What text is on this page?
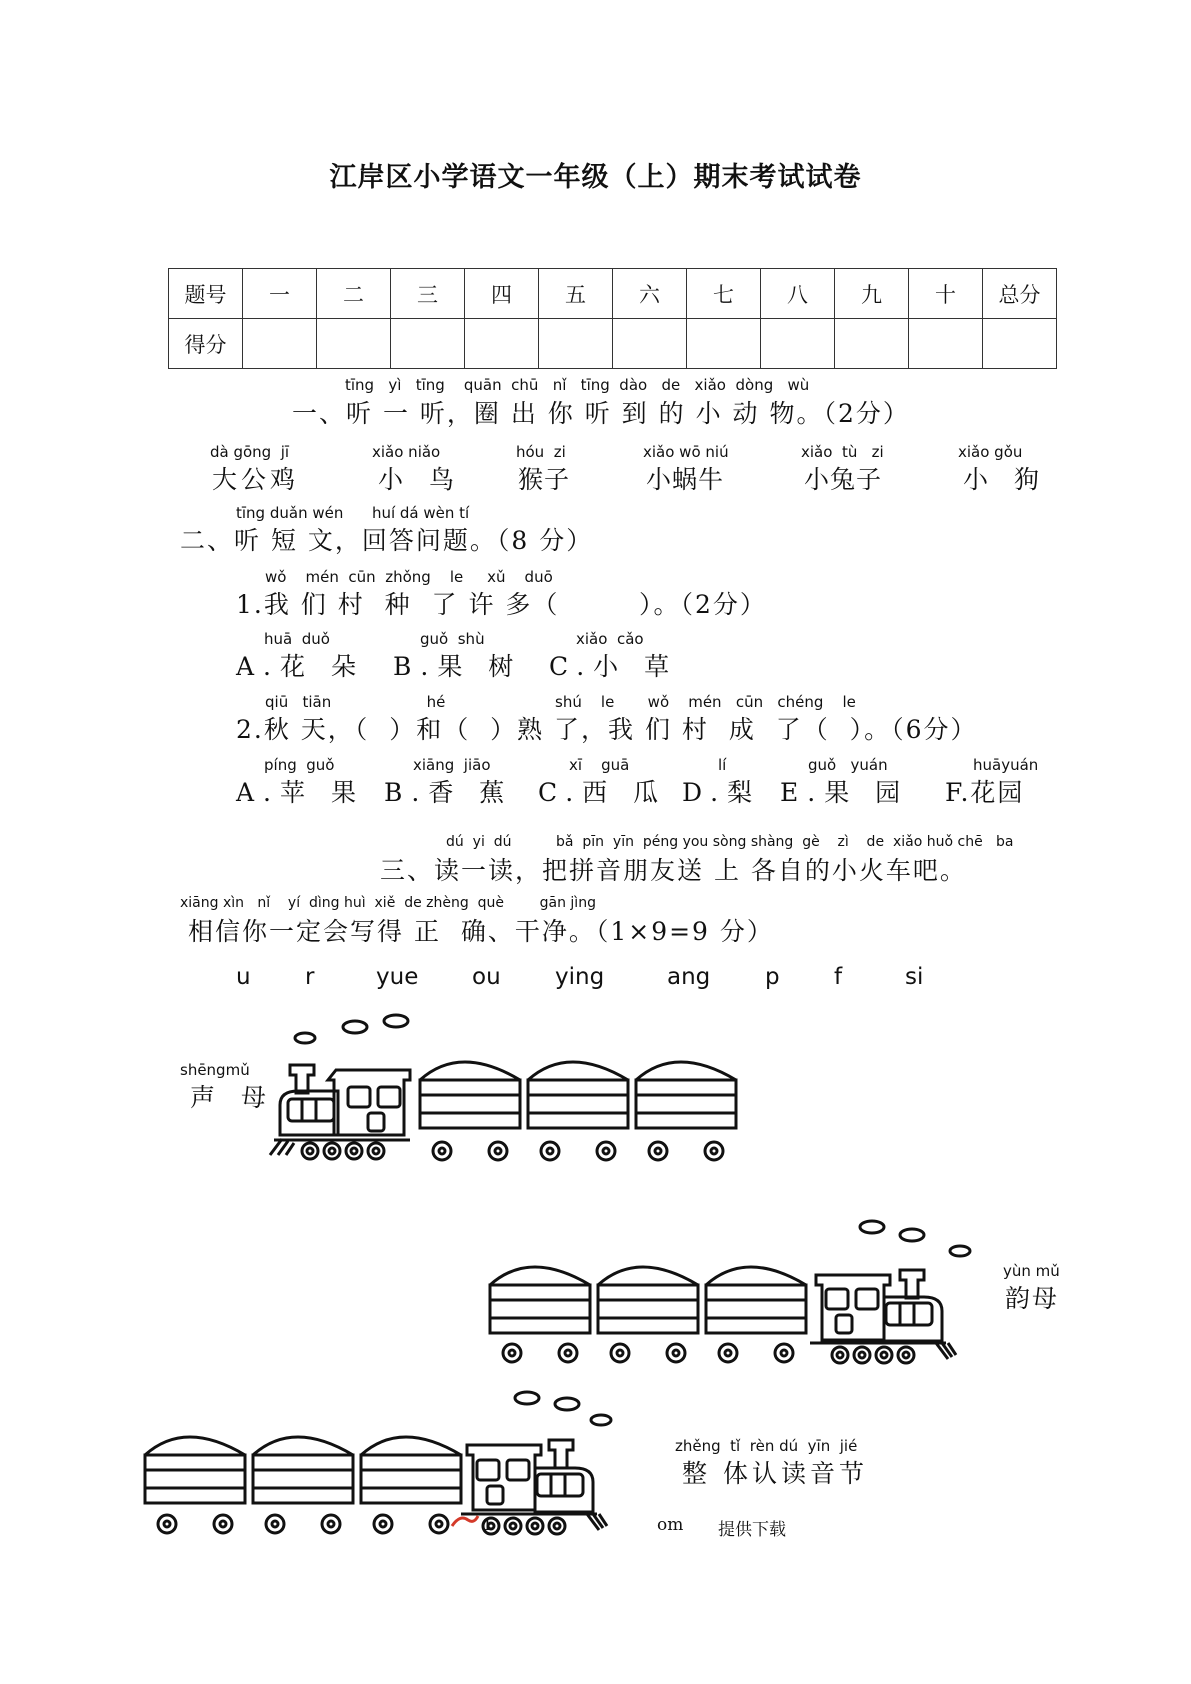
江岸区小学语文一年级（上）期末考试试卷
题号	一	二	三	四	五	六	七	八	九	十	总分
得分											
tīng   yì   tīng    quān  chū   nǐ   tīng  dào   de   xiǎo  dòng   wù
一、听 一 听，圈 出 你 听 到 的 小 动 物。（2分）
dà gōng  jī
大公鸡
xiǎo niǎo
小 鸟
hóu  zi
猴子
xiǎo wō niú
小蜗牛
xiǎo  tù   zi
小兔子
xiǎo gǒu
小 狗
tīng duǎn wén      huí dá wèn tí
二、听 短 文，回答问题。（8 分）
wǒ    mén  cūn  zhǒng    le     xǔ    duō
1.我 们 村  种  了 许 多（        ）。（2分）
huā  duǒ
A.花 朵
guǒ  shù
B.果 树
xiǎo  cǎo
C.小 草
qiū   tiān                    hé                       shú    le       wǒ    mén   cūn   chéng    le
2.秋 天，（  ）和（  ）熟 了，我 们 村  成  了（  ）。（6分）
píng  guǒ
A.苹 果
xiāng  jiāo
B.香 蕉
xī    guā
C.西 瓜
lí
D.梨
guǒ   yuán
E.果 园
huāyuán
F.花园
dú  yi  dú          bǎ  pīn  yīn  péng you sòng shàng  gè    zì    de  xiǎo huǒ chē   ba
三、读一读，把拼音朋友送 上 各自的小火车吧。
xiāng xìn   nǐ    yí  dìng huì  xiě  de zhèng  què        gān jìng
相信你一定会写得 正  确、干净。（1×9=9 分）
u r	yue ou ying	ang p f	si
shēngmǔ
声 母
yùn mǔ
韵母
zhěng  tǐ  rèn dú  yīn  jié
整 体认读音节
1	om 提供下载
